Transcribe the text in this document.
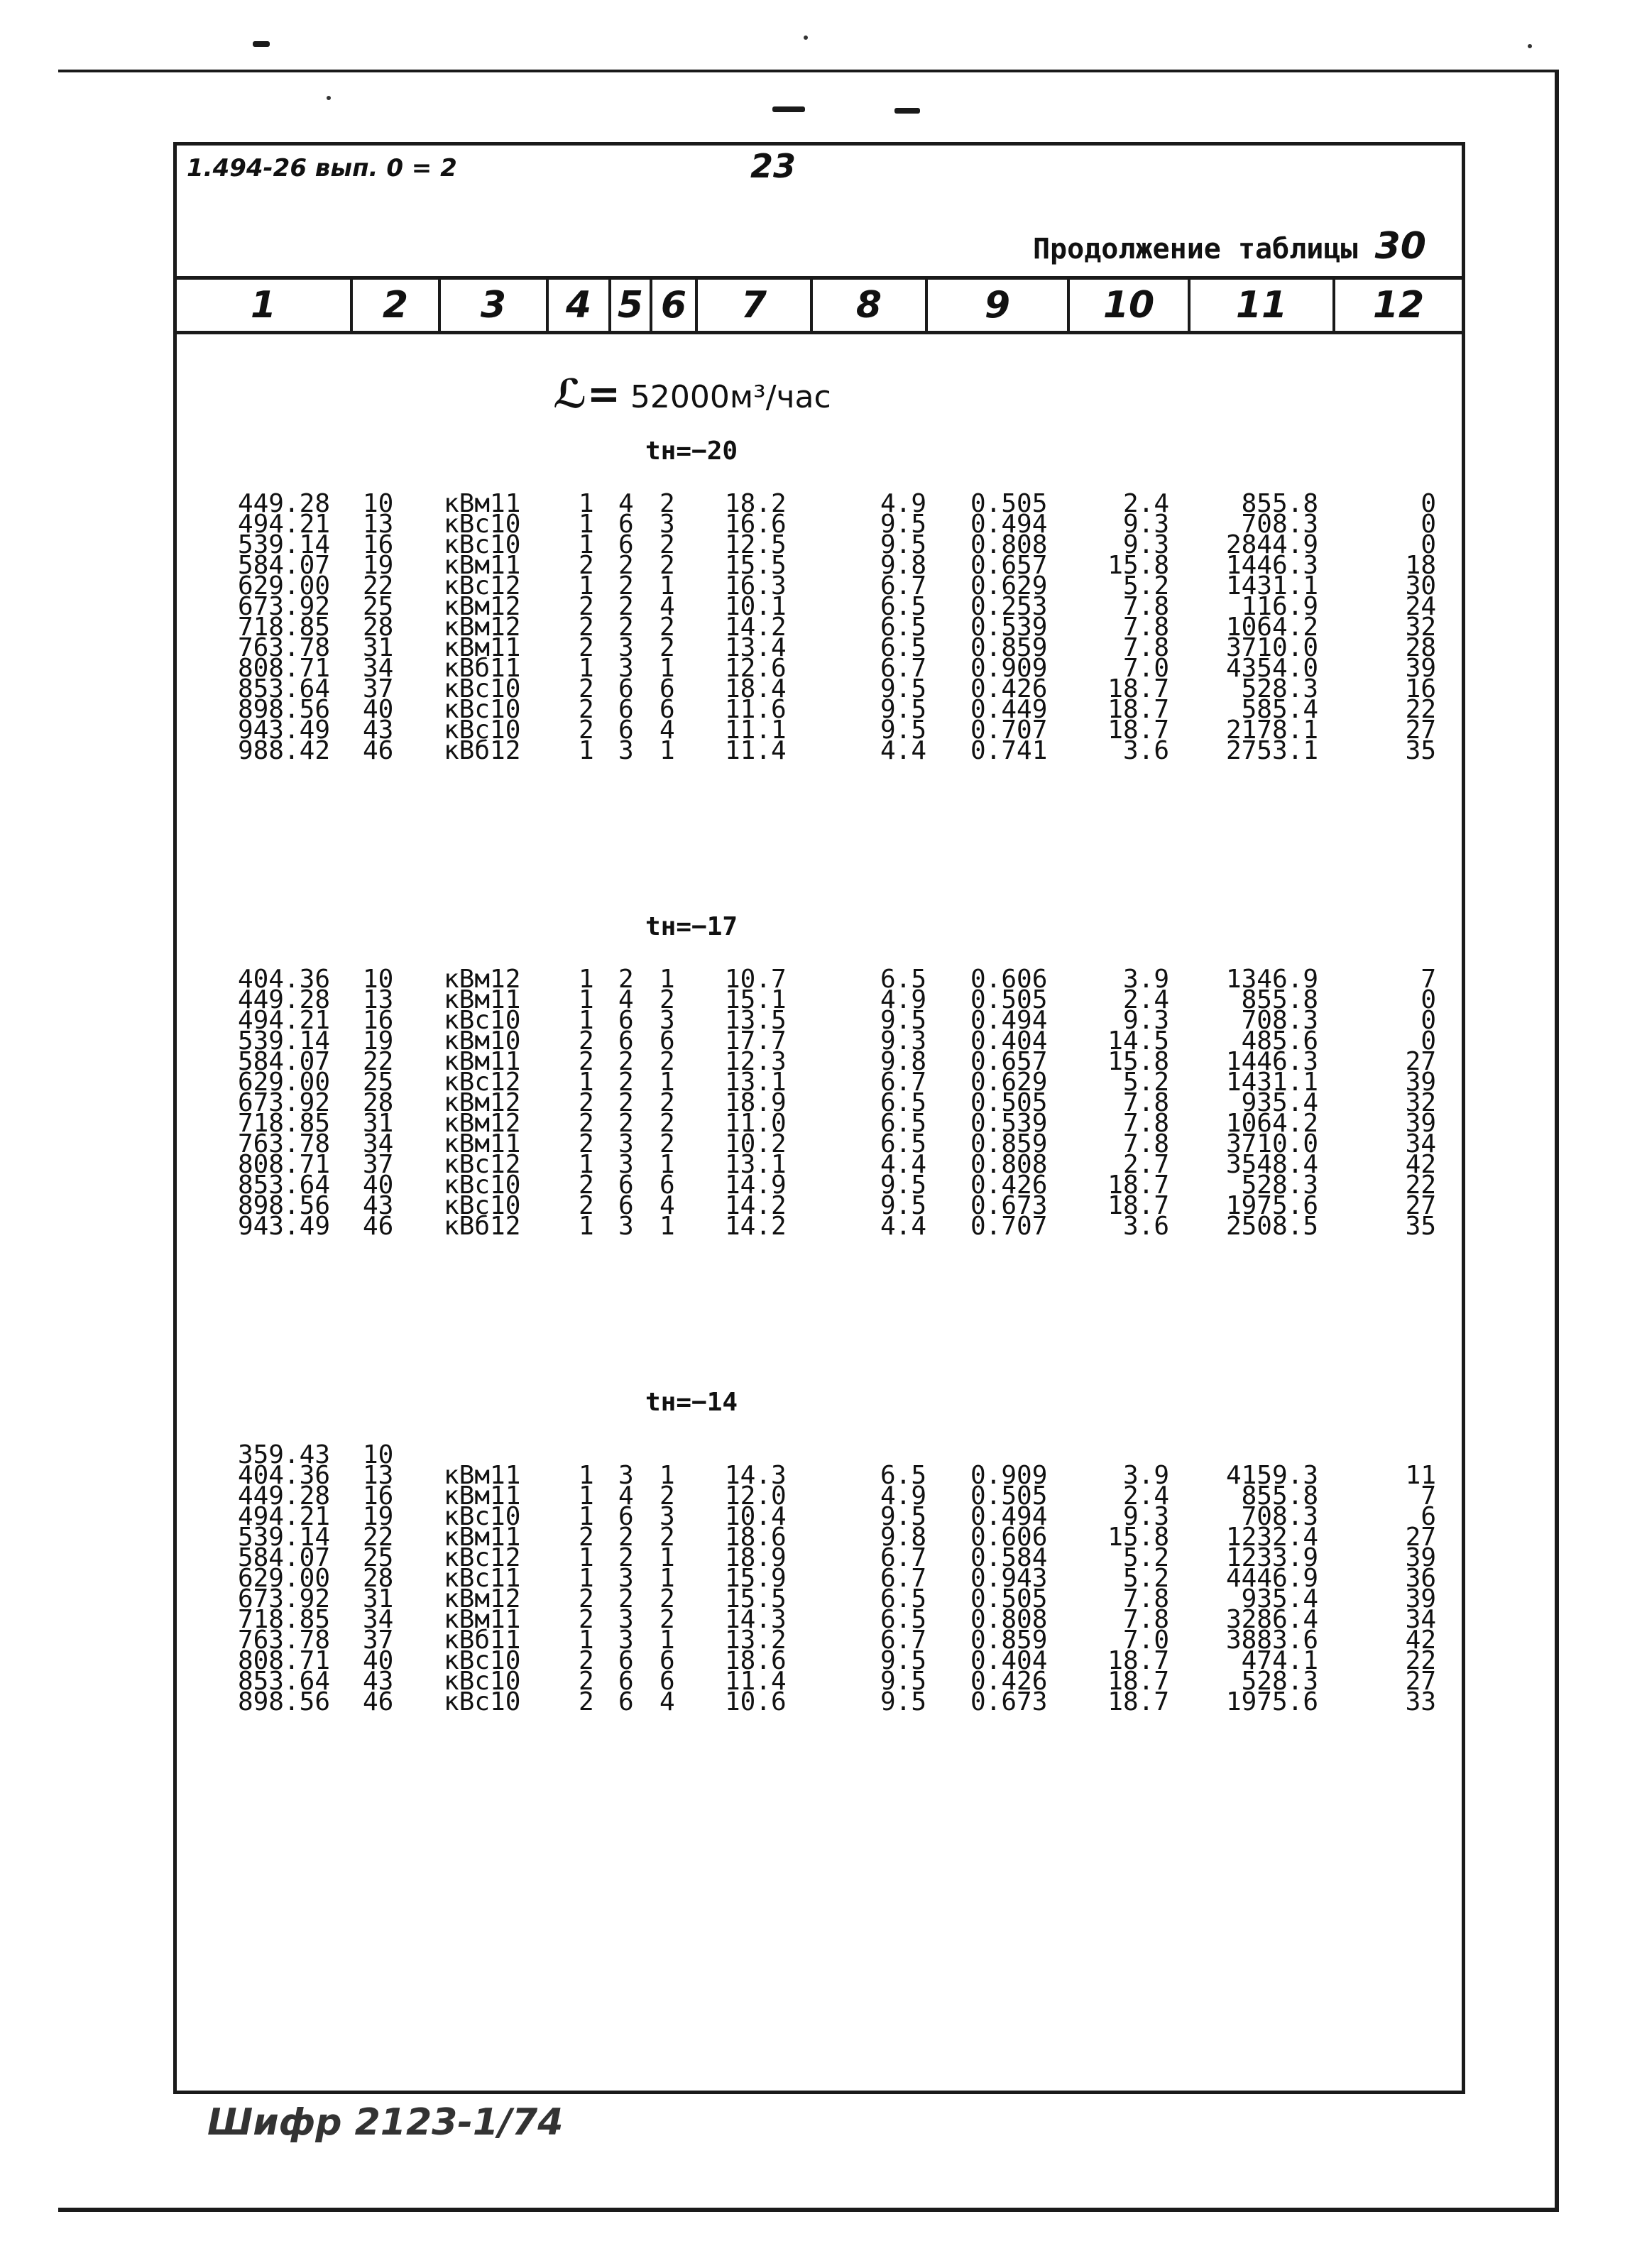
1.494-26 вып. 0 = 2	23
Продолжение таблицы 30
1	2	3	4 5 6	7	8	9	10	11	12
ℒ= 52000м³/час
tн=−20
449.28 10	кВм11	1 4 2 18.2	4.9 0.505	2.4	855.8	0
494.21 13	кВс10	1 6 3 16.6	9.5 0.494	9.3	708.3	0
539.14 16	кВс10	1 6 2 12.5	9.5 0.808	9.3	2844.9	0
584.07 19	кВм11	2 2 2 15.5	9.8 0.657	15.8	1446.3	18
629.00 22	кВс12	1 2 1 16.3	6.7 0.629	5.2	1431.1	30
673.92 25	кВм12	2 2 4 10.1	6.5 0.253	7.8	116.9	24
718.85 28	кВм12	2 2 2 14.2	6.5 0.539	7.8	1064.2	32
763.78 31	кВм11	2 3 2 13.4	6.5 0.859	7.8	3710.0	28
808.71 34	кВб11	1 3 1 12.6	6.7 0.909	7.0	4354.0	39
853.64 37	кВс10	2 6 6 18.4	9.5 0.426	18.7	528.3	16
898.56 40	кВс10	2 6 6 11.6	9.5 0.449	18.7	585.4	22
943.49 43	кВс10	2 6 4 11.1	9.5 0.707	18.7	2178.1	27
988.42 46	кВб12	1 3 1 11.4	4.4 0.741	3.6	2753.1	35
tн=−17
404.36 10	кВм12	1 2 1 10.7	6.5 0.606	3.9	1346.9	7
449.28 13	кВм11	1 4 2 15.1	4.9 0.505	2.4	855.8	0
494.21 16	кВс10	1 6 3 13.5	9.5 0.494	9.3	708.3	0
539.14 19	кВм10	2 6 6 17.7	9.3 0.404	14.5	485.6	0
584.07 22	кВм11	2 2 2 12.3	9.8 0.657	15.8	1446.3	27
629.00 25	кВс12	1 2 1 13.1	6.7 0.629	5.2	1431.1	39
673.92 28	кВм12	2 2 2 18.9	6.5 0.505	7.8	935.4	32
718.85 31	кВм12	2 2 2 11.0	6.5 0.539	7.8	1064.2	39
763.78 34	кВм11	2 3 2 10.2	6.5 0.859	7.8	3710.0	34
808.71 37	кВс12	1 3 1 13.1	4.4 0.808	2.7	3548.4	42
853.64 40	кВс10	2 6 6 14.9	9.5 0.426	18.7	528.3	22
898.56 43	кВс10	2 6 4 14.2	9.5 0.673	18.7	1975.6	27
943.49 46	кВб12	1 3 1 14.2	4.4 0.707	3.6	2508.5	35
tн=−14
359.43 10
404.36 13	кВм11	1 3 1 14.3	6.5 0.909	3.9	4159.3	11
449.28 16	кВм11	1 4 2 12.0	4.9 0.505	2.4	855.8	7
494.21 19	кВс10	1 6 3 10.4	9.5 0.494	9.3	708.3	6
539.14 22	кВм11	2 2 2 18.6	9.8 0.606	15.8	1232.4	27
584.07 25	кВс12	1 2 1 18.9	6.7 0.584	5.2	1233.9	39
629.00 28	кВс11	1 3 1 15.9	6.7 0.943	5.2	4446.9	36
673.92 31	кВм12	2 2 2 15.5	6.5 0.505	7.8	935.4	39
718.85 34	кВм11	2 3 2 14.3	6.5 0.808	7.8	3286.4	34
763.78 37	кВб11	1 3 1 13.2	6.7 0.859	7.0	3883.6	42
808.71 40	кВс10	2 6 6 18.6	9.5 0.404	18.7	474.1	22
853.64 43	кВс10	2 6 6 11.4	9.5 0.426	18.7	528.3	27
898.56 46	кВс10	2 6 4 10.6	9.5 0.673	18.7	1975.6	33
Шифр 2123-1/74
